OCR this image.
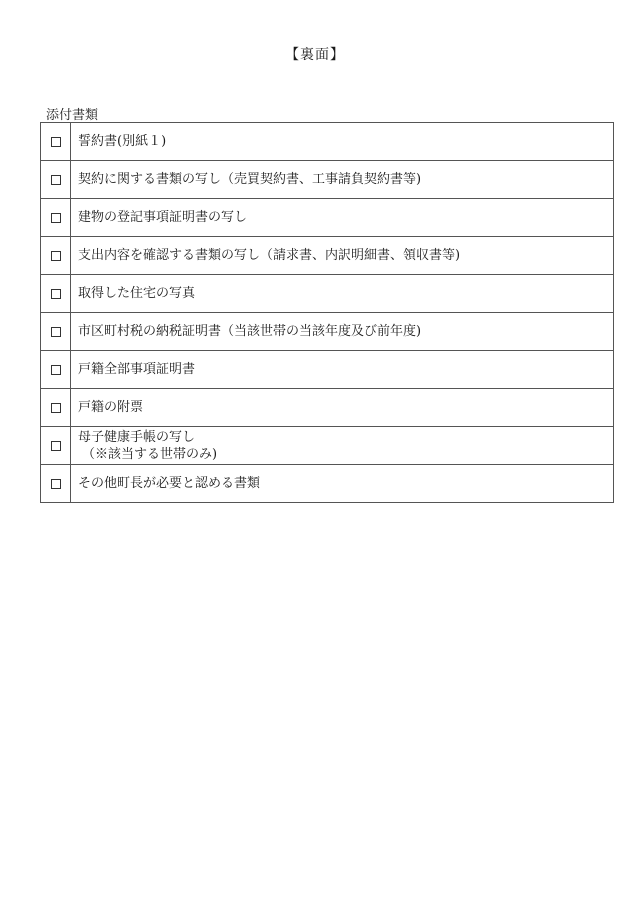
【裏面】
添付書類
	誓約書(別紙１)
	契約に関する書類の写し（売買契約書、工事請負契約書等)
	建物の登記事項証明書の写し
	支出内容を確認する書類の写し（請求書、内訳明細書、領収書等)
	取得した住宅の写真
	市区町村税の納税証明書（当該世帯の当該年度及び前年度)
	戸籍全部事項証明書
	戸籍の附票
	母子健康手帳の写し
（※該当する世帯のみ)

	その他町長が必要と認める書類
